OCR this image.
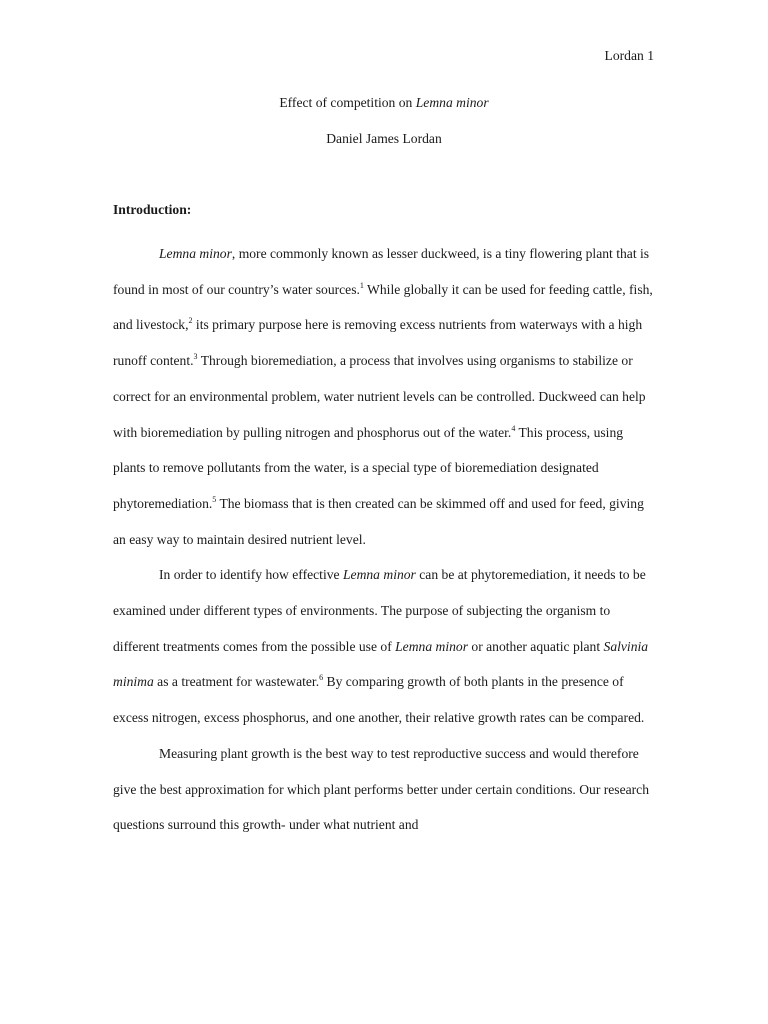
Lordan 1
Effect of competition on Lemna minor
Daniel James Lordan
Introduction:

Lemna minor, more commonly known as lesser duckweed, is a tiny flowering plant that is found in most of our country’s water sources.$^1$ While globally it can be used for feeding cattle, fish, and livestock,$^2$ its primary purpose here is removing excess nutrients from waterways with a high runoff content.$^3$ Through bioremediation, a process that involves using organisms to stabilize or correct for an environmental problem, water nutrient levels can be controlled. Duckweed can help with bioremediation by pulling nitrogen and phosphorus out of the water.$^4$ This process, using plants to remove pollutants from the water, is a special type of bioremediation designated phytoremediation.$^5$ The biomass that is then created can be skimmed off and used for feed, giving an easy way to maintain desired nutrient level.

In order to identify how effective Lemna minor can be at phytoremediation, it needs to be examined under different types of environments. The purpose of subjecting the organism to different treatments comes from the possible use of Lemna minor or another aquatic plant Salvinia minima as a treatment for wastewater.$^6$ By comparing growth of both plants in the presence of excess nitrogen, excess phosphorus, and one another, their relative growth rates can be compared.

Measuring plant growth is the best way to test reproductive success and would therefore give the best approximation for which plant performs better under certain conditions. Our research questions surround this growth- under what nutrient and
